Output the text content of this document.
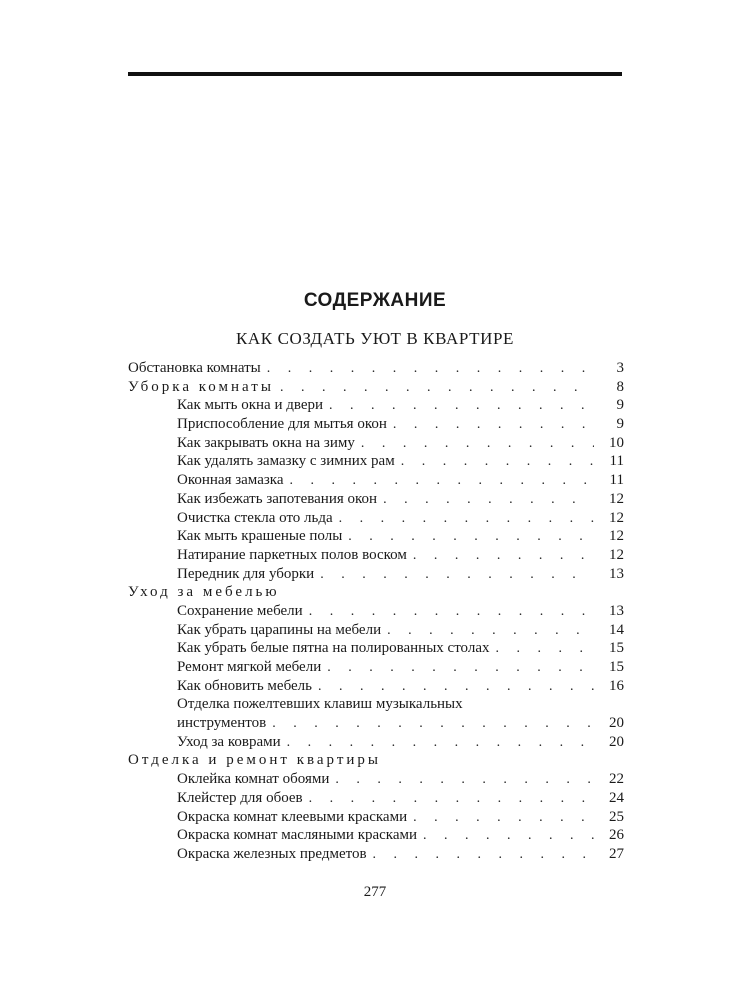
СОДЕРЖАНИЕ
КАК СОЗДАТЬ УЮТ В КВАРТИРЕ
Обстановка комнаты . . .	3
Уборка комнаты . . .	8
Как мыть окна и двери . . .	9
Приспособление для мытья окон . . .	9
Как закрывать окна на зиму . . .	10
Как удалять замазку с зимних рам . . .	11
Оконная замазка . . .	11
Как избежать запотевания окон . . .	12
Очистка стекла ото льда . . .	12
Как мыть крашеные полы . . .	12
Натирание паркетных полов воском . . .	12
Передник для уборки . . .	13
Уход за мебелью
Сохранение мебели . . .	13
Как убрать царапины на мебели . . .	14
Как убрать белые пятна на полированных столах . . .	15
Ремонт мягкой мебели . . .	15
Как обновить мебель . . .	16
Отделка пожелтевших клавиш музыкальных
инструментов . . .	20
Уход за коврами . . .	20
Отделка и ремонт квартиры
Оклейка комнат обоями . . .	22
Клейстер для обоев . . .	24
Окраска комнат клеевыми красками . . .	25
Окраска комнат масляными красками . . .	26
Окраска железных предметов . . .	27
277
